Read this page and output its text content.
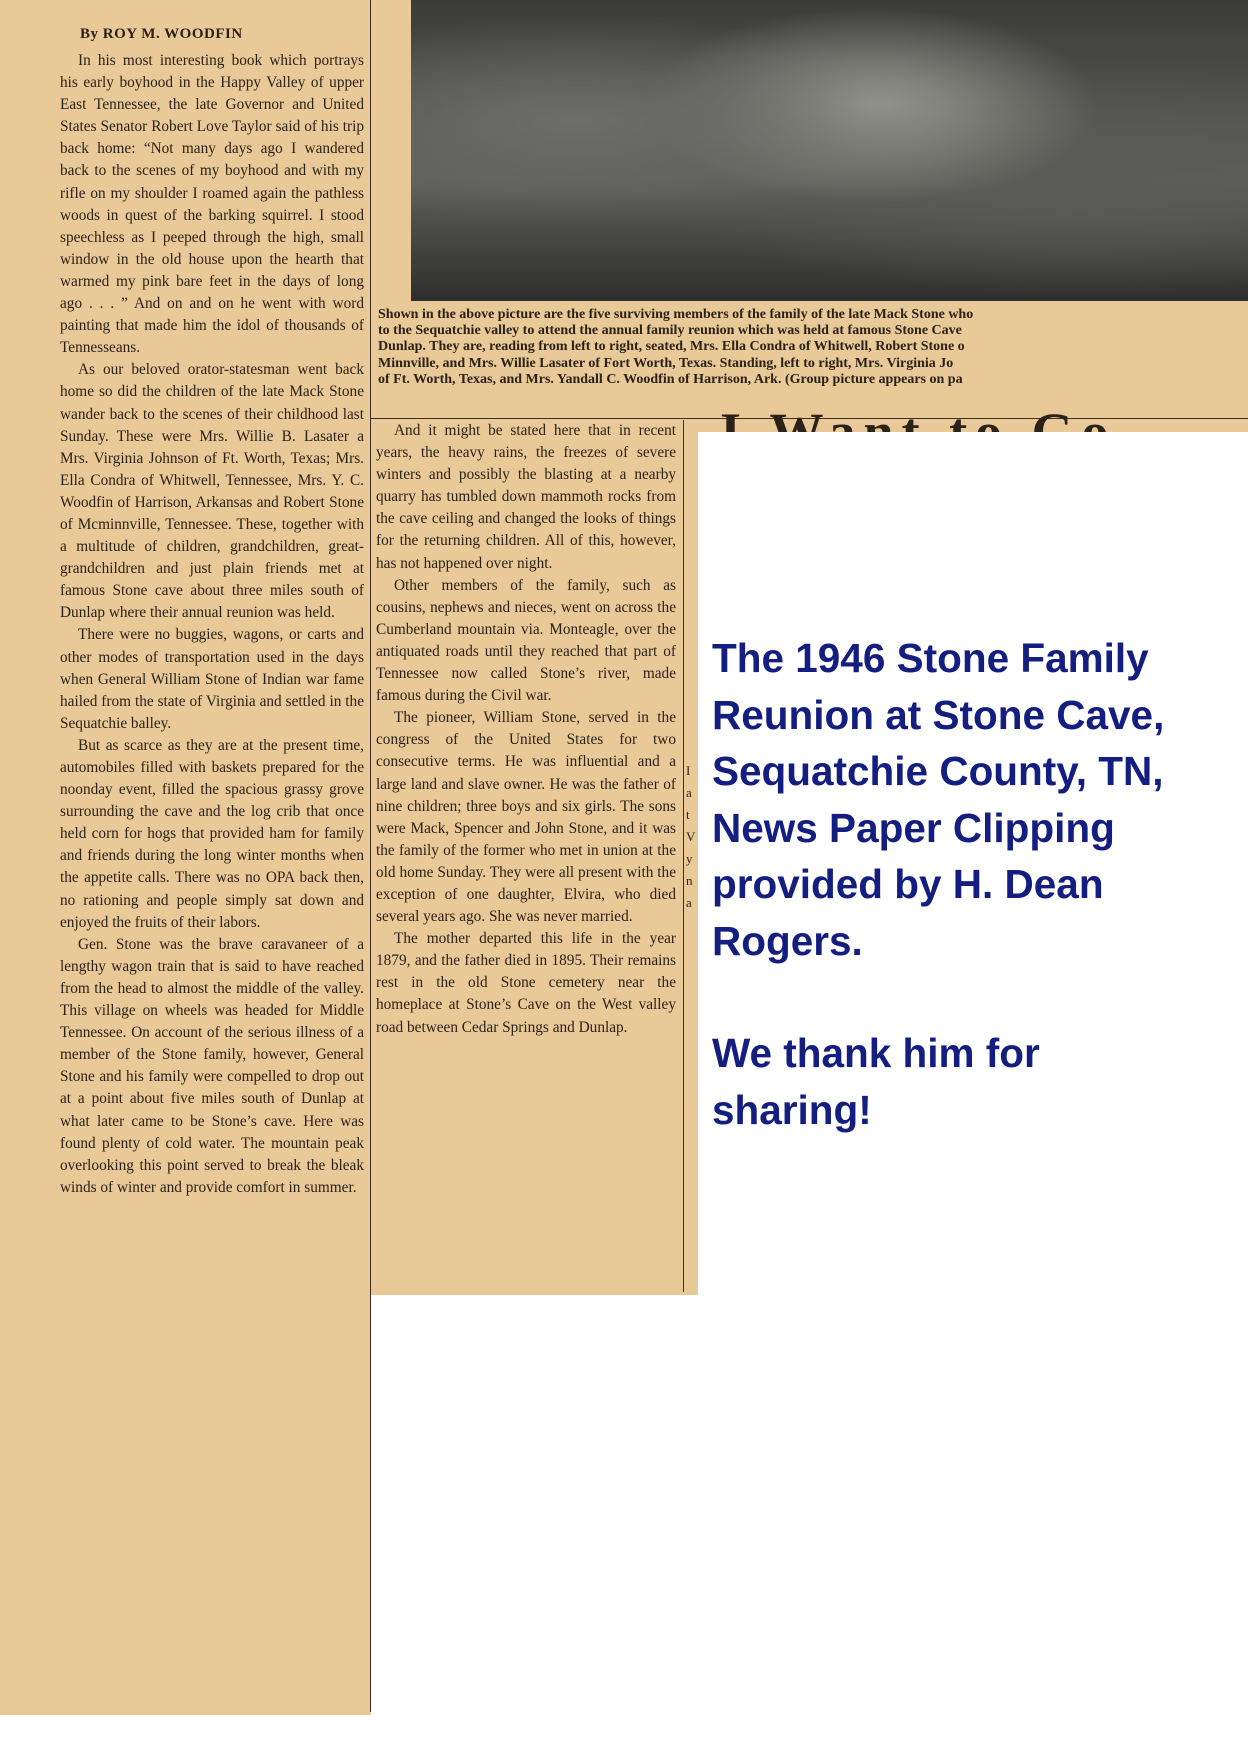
By ROY M. WOODFIN

In his most interesting book which portrays his early boyhood in the Happy Valley of upper East Tennessee, the late Governor and United States Senator Robert Love Taylor said of his trip back home: “Not many days ago I wandered back to the scenes of my boyhood and with my rifle on my shoulder I roamed again the pathless woods in quest of the barking squirrel. I stood speechless as I peeped through the high, small window in the old house upon the hearth that warmed my pink bare feet in the days of long ago . . . ” And on and on he went with word painting that made him the idol of thousands of Tennesseans.

As our beloved orator-statesman went back home so did the children of the late Mack Stone wander back to the scenes of their childhood last Sunday. These were Mrs. Willie B. Lasater a Mrs. Virginia Johnson of Ft. Worth, Texas; Mrs. Ella Condra of Whitwell, Tennessee, Mrs. Y. C. Woodfin of Harrison, Arkansas and Robert Stone of Mcminnville, Tennessee. These, together with a multitude of children, grandchildren, great-grandchildren and just plain friends met at famous Stone cave about three miles south of Dunlap where their annual reunion was held.

There were no buggies, wagons, or carts and other modes of transportation used in the days when General William Stone of Indian war fame hailed from the state of Virginia and settled in the Sequatchie balley.

But as scarce as they are at the present time, automobiles filled with baskets prepared for the noonday event, filled the spacious grassy grove surrounding the cave and the log crib that once held corn for hogs that provided ham for family and friends during the long winter months when the appetite calls. There was no OPA back then, no rationing and people simply sat down and enjoyed the fruits of their labors.

Gen. Stone was the brave caravaneer of a lengthy wagon train that is said to have reached from the head to almost the middle of the valley. This village on wheels was headed for Middle Tennessee. On account of the serious illness of a member of the Stone family, however, General Stone and his family were compelled to drop out at a point about five miles south of Dunlap at what later came to be Stone’s cave. Here was found plenty of cold water. The mountain peak overlooking this point served to break the bleak winds of winter and provide comfort in summer.

And it might be stated here that in recent years, the heavy rains, the freezes of severe winters and possibly the blasting at a nearby quarry has tumbled down mammoth rocks from the cave ceiling and changed the looks of things for the returning children. All of this, however, has not happened over night.

Other members of the family, such as cousins, nephews and nieces, went on across the Cumberland mountain via. Monteagle, over the antiquated roads until they reached that part of Tennessee now called Stone’s river, made famous during the Civil war.

The pioneer, William Stone, served in the congress of the United States for two consecutive terms. He was influential and a large land and slave owner. He was the father of nine children; three boys and six girls. The sons were Mack, Spencer and John Stone, and it was the family of the former who met in union at the old home Sunday. They were all present with the exception of one daughter, Elvira, who died several years ago. She was never married.

The mother departed this life in the year 1879, and the father died in 1895. Their remains rest in the old Stone cemetery near the homeplace at Stone’s Cave on the West valley road between Cedar Springs and Dunlap.

Shown in the above picture are the five surviving members of the family of the late Mack Stone who
to the Sequatchie valley to attend the annual family reunion which was held at famous Stone Cave
Dunlap. They are, reading from left to right, seated, Mrs. Ella Condra of Whitwell, Robert Stone o
Minnville, and Mrs. Willie Lasater of Fort Worth, Texas. Standing, left to right, Mrs. Virginia Jo
of Ft. Worth, Texas, and Mrs. Yandall C. Woodfin of Harrison, Ark. (Group picture appears on pa
I a t V y n a

The 1946 Stone Family

Reunion at Stone Cave,

Sequatchie County, TN,

News Paper Clipping

provided by H. Dean

Rogers.

We thank him for

sharing!
